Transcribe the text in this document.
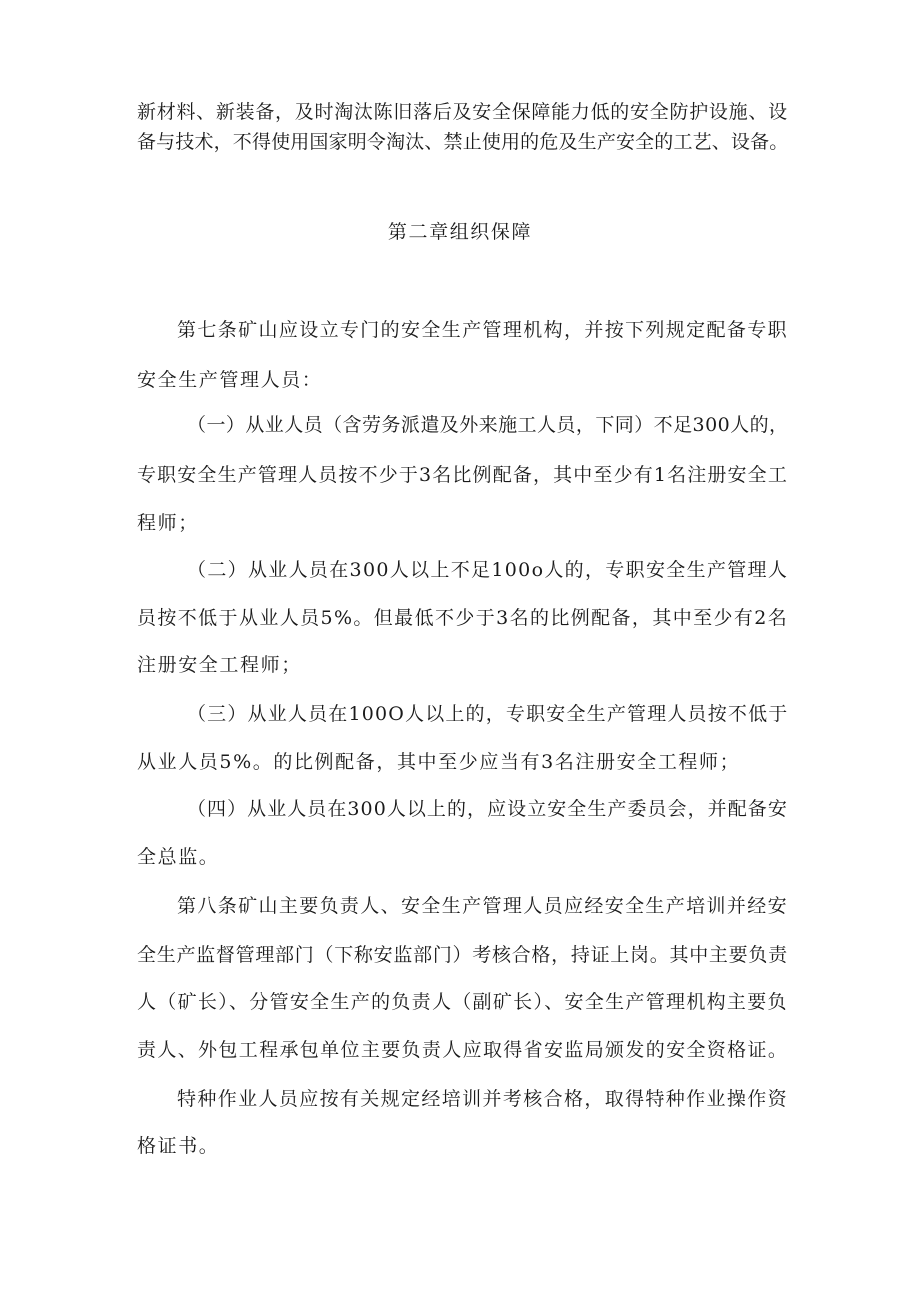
新材料、新装备，及时淘汰陈旧落后及安全保障能力低的安全防护设施、设
备与技术，不得使用国家明令淘汰、禁止使用的危及生产安全的工艺、设备。
第二章组织保障
第七条矿山应设立专门的安全生产管理机构，并按下列规定配备专职
安全生产管理人员：
（一）从业人员（含劳务派遣及外来施工人员，下同）不足300人的，
专职安全生产管理人员按不少于3名比例配备，其中至少有1名注册安全工
程师；
（二）从业人员在300人以上不足100o人的，专职安全生产管理人
员按不低于从业人员5%。但最低不少于3名的比例配备，其中至少有2名
注册安全工程师；
（三）从业人员在100O人以上的，专职安全生产管理人员按不低于
从业人员5%。的比例配备，其中至少应当有3名注册安全工程师；
（四）从业人员在300人以上的，应设立安全生产委员会，并配备安
全总监。
第八条矿山主要负责人、安全生产管理人员应经安全生产培训并经安
全生产监督管理部门（下称安监部门）考核合格，持证上岗。其中主要负责
人（矿长）、分管安全生产的负责人（副矿长）、安全生产管理机构主要负
责人、外包工程承包单位主要负责人应取得省安监局颁发的安全资格证。
特种作业人员应按有关规定经培训并考核合格，取得特种作业操作资
格证书。
